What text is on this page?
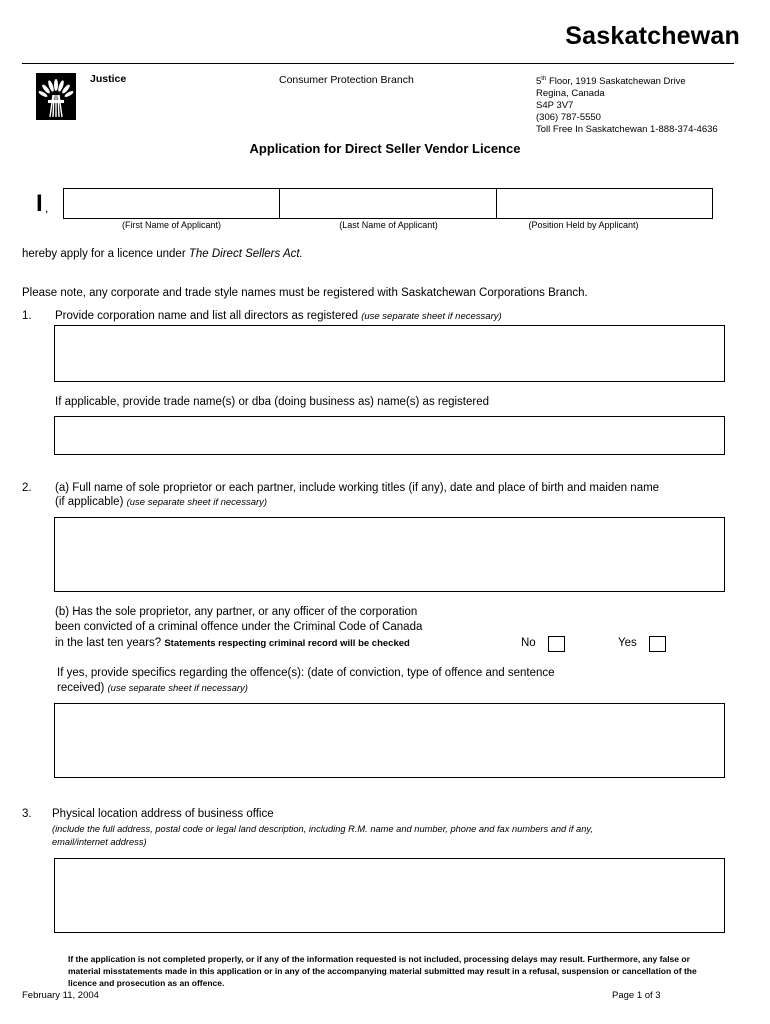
Saskatchewan
Justice	Consumer Protection Branch	5th Floor, 1919 Saskatchewan Drive
Regina, Canada
S4P 3V7
(306) 787-5550
Toll Free In Saskatchewan 1-888-374-4636
Application for Direct Seller Vendor Licence
I ,
(First Name of Applicant)	(Last Name of Applicant)	(Position Held by Applicant)
hereby apply for a licence under The Direct Sellers Act.
Please note, any corporate and trade style names must be registered with Saskatchewan Corporations Branch.
1. Provide corporation name and list all directors as registered (use separate sheet if necessary)
If applicable, provide trade name(s) or dba (doing business as) name(s) as registered
2. (a) Full name of sole proprietor or each partner, include working titles (if any), date and place of birth and maiden name
(if applicable) (use separate sheet if necessary)
(b) Has the sole proprietor, any partner, or any officer of the corporation
been convicted of a criminal offence under the Criminal Code of Canada
in the last ten years? Statements respecting criminal record will be checked	No	Yes
If yes, provide specifics regarding the offence(s): (date of conviction, type of offence and sentence
received) (use separate sheet if necessary)
3. Physical location address of business office
(include the full address, postal code or legal land description, including R.M. name and number, phone and fax numbers and if any,
email/internet address)
If the application is not completed properly, or if any of the information requested is not included, processing delays may result. Furthermore, any false or material misstatements made in this application or in any of the accompanying material submitted may result in a refusal, suspension or cancellation of the licence and prosecution as an offence.
February 11, 2004	Page 1 of 3
